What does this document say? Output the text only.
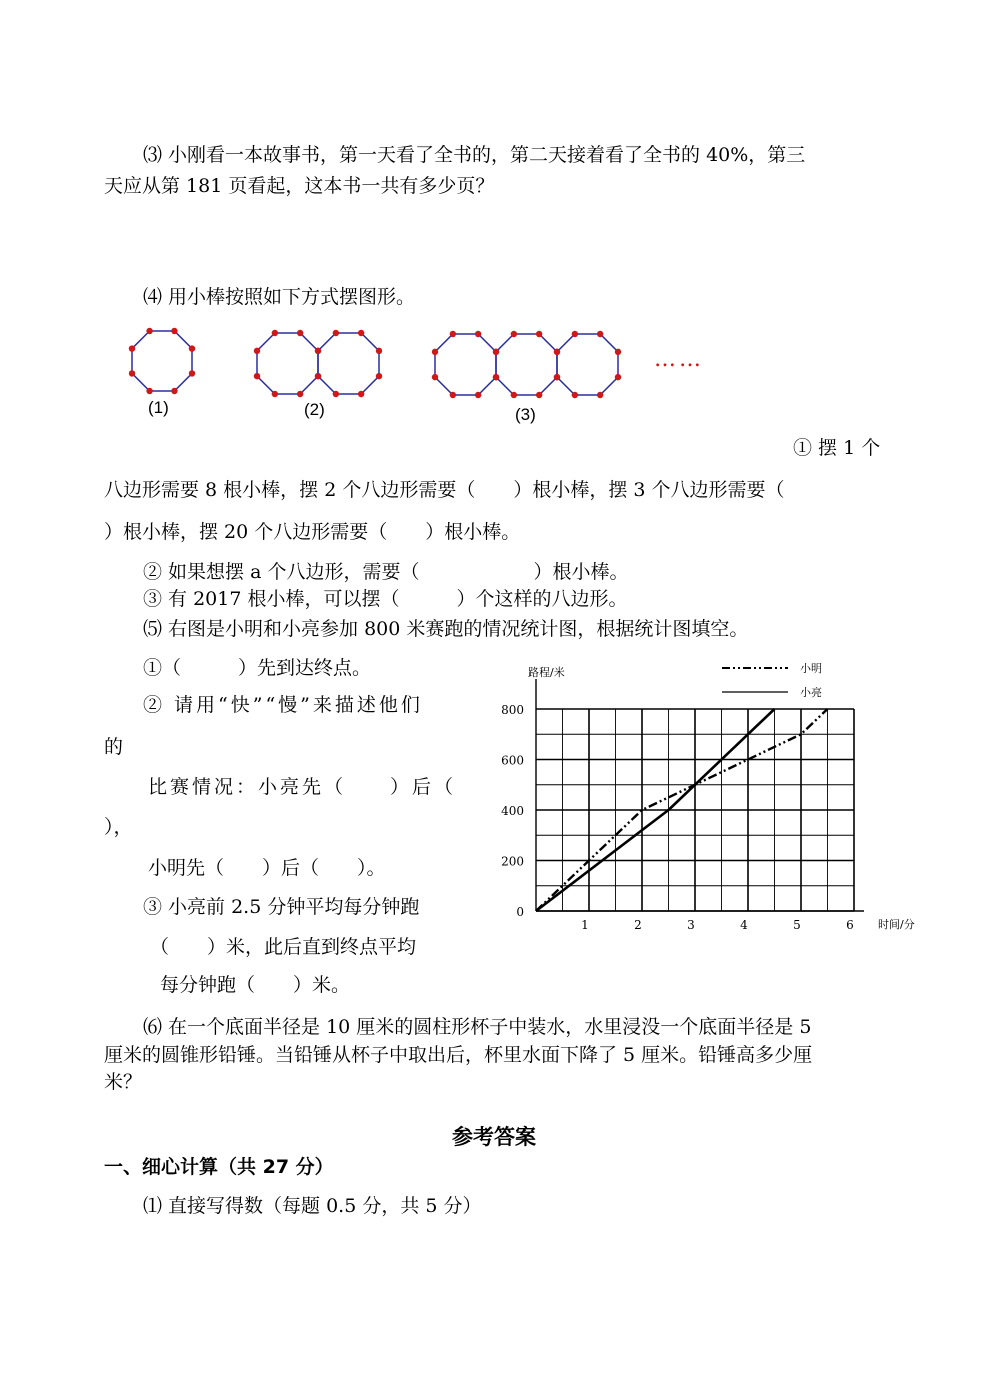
⑶ 小刚看一本故事书，第一天看了全书的，第二天接着看了全书的 40%，第三
天应从第 181 页看起，这本书一共有多少页？
⑷ 用小棒按照如下方式摆图形。
(1)	(2)	(3)
……
① 摆 1 个
八边形需要 8 根小棒，摆 2 个八边形需要（　　）根小棒，摆 3 个八边形需要（
）根小棒，摆 20 个八边形需要（　　）根小棒。
② 如果想摆 a 个八边形，需要（　　　　　　）根小棒。
③ 有 2017 根小棒，可以摆（　　　）个这样的八边形。
⑸ 右图是小明和小亮参加 800 米赛跑的情况统计图，根据统计图填空。
①（　　　）先到达终点。
② 请用“快”“慢”来描述他们
的
比赛情况：小亮先（　　）后（
），
小明先（　　）后（　　）。
③ 小亮前 2.5 分钟平均每分钟跑
（　　）米，此后直到终点平均
每分钟跑（　　）米。
0
200
400
600
800
1	2	3	4	5	6
路程/米
时间/分
小明
小亮
⑹ 在一个底面半径是 10 厘米的圆柱形杯子中装水，水里浸没一个底面半径是 5
厘米的圆锥形铅锤。当铅锤从杯子中取出后，杯里水面下降了 5 厘米。铅锤高多少厘
米？
参考答案
一、细心计算（共 27 分）
⑴ 直接写得数（每题 0.5 分，共 5 分）
